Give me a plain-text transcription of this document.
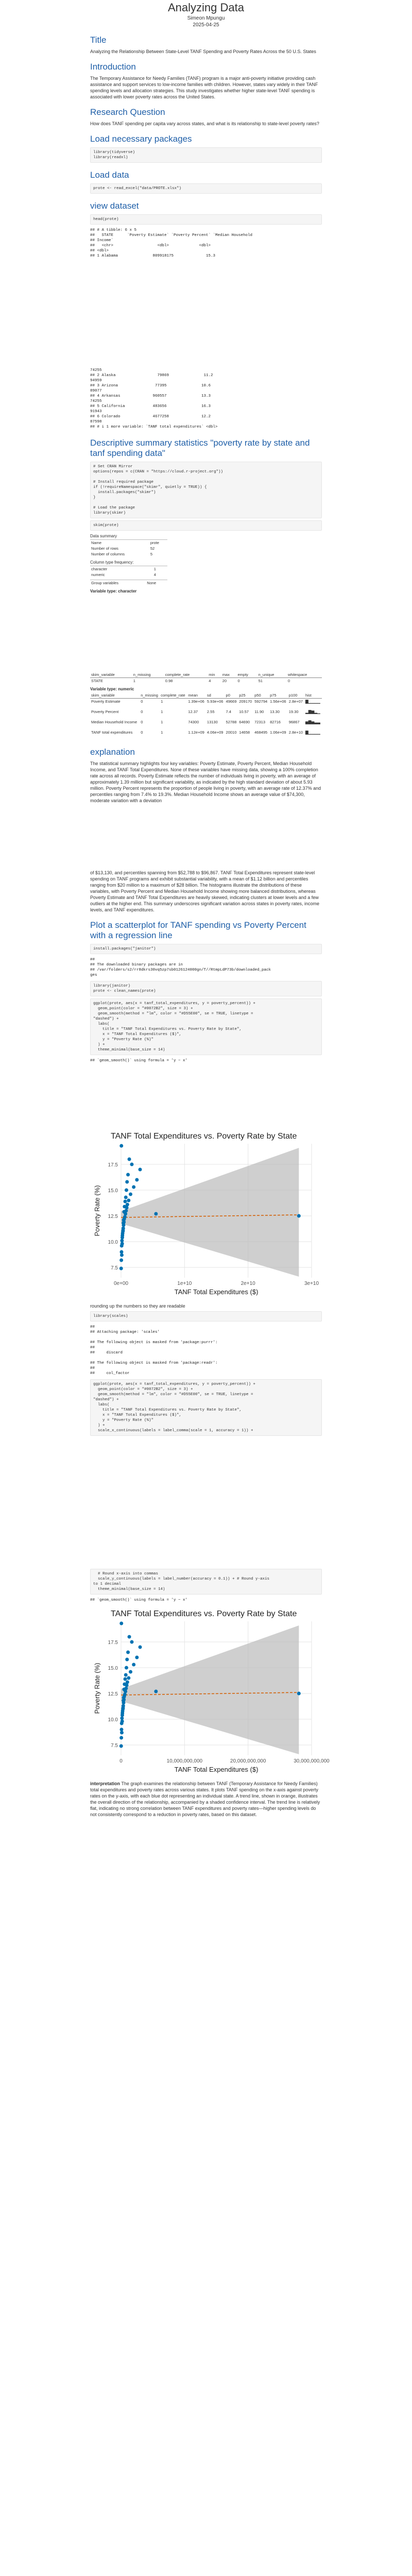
Analyzing Data
Simeon Mpungu
2025-04-25
Title

Analyzing the Relationship Between State-Level TANF Spending and Poverty Rates Across the 50 U.S. States

Introduction

The Temporary Assistance for Needy Families (TANF) program is a major anti-poverty initiative providing cash assistance and support services to low-income families with children. However, states vary widely in their TANF spending levels and allocation strategies. This study investigates whether higher state-level TANF spending is associated with lower poverty rates across the United States.

Research Question

How does TANF spending per capita vary across states, and what is its relationship to state-level poverty rates?

Load necessary packages
library(tidyverse)
library(readxl)
Load data
prote <- read_excel("data/PROTE.xlsx")
view dataset
head(prote)
## # A tibble: 6 x 5
##   STATE      `Poverty Estimate` `Poverty Percent` `Median Household
## Income`
##   <chr>                   <dbl>             <dbl>
## <dbl>
## 1 Alabama               809918175              15.3
74255
## 2 Alaska                  79869               11.2
94959
## 3 Arizona                77395               10.6
89077
## 4 Arkansas              960557               13.3
74255
## 5 California            483656               16.3
91943
## 6 Colorado              4677258              12.2
87598
## # i 1 more variable: `TANF total expenditures` <dbl>
Descriptive summary statistics "poverty rate by state and tanf spending data"
# Set CRAN Mirror
options(repos = c(CRAN = "https://cloud.r-project.org"))

# Install required package
if (!requireNamespace("skimr", quietly = TRUE)) {
install.packages("skimr")
}

# Load the package
library(skimr)
skim(prote)
Data summary
Name	prote
Number of rows	52
Number of columns	5
Column type frequency:
character	1
numeric	4
Group variables	None
Variable type: character
skim_variable	n_missing	complete_rate	min	max	empty	n_unique	whitespace
STATE	1	0.98	4	20	0	51	0
Variable type: numeric
skim_variable	n_missing	complete_rate	mean	sd	p0	p25	p50	p75	p100	hist
Poverty Estimate	0	1	1.39e+06	5.93e+06	49669	209170	592794	1.56e+06	2.8e+07	▇▁▁▁▁
Poverty Percent	0	1	12.37	2.55	7.4	10.57	11.90	13.30	19.30	▂▇▆▂▁
Median Household Income	0	1	74300	13130	52788	64690	72313	82716	96867	▅▇▅▃▃
TANF total expenditures	0	1	1.12e+09	4.06e+09	20010	14658	468495	1.06e+09	2.8e+10	▇▁▁▁▁
explanation

The statistical summary highlights four key variables: Poverty Estimate, Poverty Percent, Median Household Income, and TANF Total Expenditures. None of these variables have missing data, showing a 100% completion rate across all records. Poverty Estimate reflects the number of individuals living in poverty, with an average of approximately 1.39 million but significant variability, as indicated by the high standard deviation of about 5.93 million. Poverty Percent represents the proportion of people living in poverty, with an average rate of 12.37% and percentiles ranging from 7.4% to 19.3%. Median Household Income shows an average value of $74,300, moderate variation with a deviation

of $13,130, and percentiles spanning from $52,788 to $96,867. TANF Total Expenditures represent state-level spending on TANF programs and exhibit substantial variability, with a mean of $1.12 billion and percentiles ranging from $20 million to a maximum of $28 billion. The histograms illustrate the distributions of these variables, with Poverty Percent and Median Household Income showing more balanced distributions, whereas Poverty Estimate and TANF Total Expenditures are heavily skewed, indicating clusters at lower levels and a few outliers at the higher end. This summary underscores significant variation across states in poverty rates, income levels, and TANF expenditures.

Plot a scatterplot for TANF spending vs Poverty Percent with a regression line
install.packages("janitor")
##
## The downloaded binary packages are in
## /var/folders/s2/rr8dkrs30vq5zp7sb0126124000gn/T//RtmpLdP73b/downloaded_pack
ges
library(janitor)
prote <- clean_names(prote)
ggplot(prote, aes(x = tanf_total_expenditures, y = poverty_percent)) +
geom_point(color = "#0072B2", size = 3) +
geom_smooth(method = "lm", color = "#D55E00", se = TRUE, linetype =
"dashed") +
labs(
title = "TANF Total Expenditures vs. Poverty Rate by State",
x = "TANF Total Expenditures ($)",
y = "Poverty Rate (%)"
) +
theme_minimal(base_size = 14)
## `geom_smooth()` using formula = 'y ~ x'
TANF Total Expenditures vs. Poverty Rate by State
7.5
10.0
12.5
15.0
17.5
0e+00	1e+10	2e+10	3e+10
TANF Total Expenditures ($)
Poverty Rate (%)

rounding up the numbers so they are readable

library(scales)
##
## Attaching package: 'scales'

## The following object is masked from 'package:purrr':
##
##     discard

## The following object is masked from 'package:readr':
##
##     col_factor
ggplot(prote, aes(x = tanf_total_expenditures, y = poverty_percent)) +
geom_point(color = "#0072B2", size = 3) +
geom_smooth(method = "lm", color = "#D55E00", se = TRUE, linetype =
"dashed") +
labs(
title = "TANF Total Expenditures vs. Poverty Rate by State",
x = "TANF Total Expenditures ($)",
y = "Poverty Rate (%)"
) +
scale_x_continuous(labels = label_comma(scale = 1, accuracy = 1)) +
# Round x-axis into commas
scale_y_continuous(labels = label_number(accuracy = 0.1)) + # Round y-axis
to 1 decimal
theme_minimal(base_size = 14)
## `geom_smooth()` using formula = 'y ~ x'
TANF Total Expenditures vs. Poverty Rate by State
7.5
10.0
12.5
15.0
17.5
0	10,000,000,000	20,000,000,000	30,000,000,000
TANF Total Expenditures ($)
Poverty Rate (%)

interpretation The graph examines the relationship between TANF (Temporary Assistance for Needy Families) total expenditures and poverty rates across various states. It plots TANF spending on the x-axis against poverty rates on the y-axis, with each blue dot representing an individual state. A trend line, shown in orange, illustrates the overall direction of the relationship, accompanied by a shaded confidence interval. The trend line is relatively flat, indicating no strong correlation between TANF expenditures and poverty rates—higher spending levels do not consistently correspond to a reduction in poverty rates, based on this dataset.
